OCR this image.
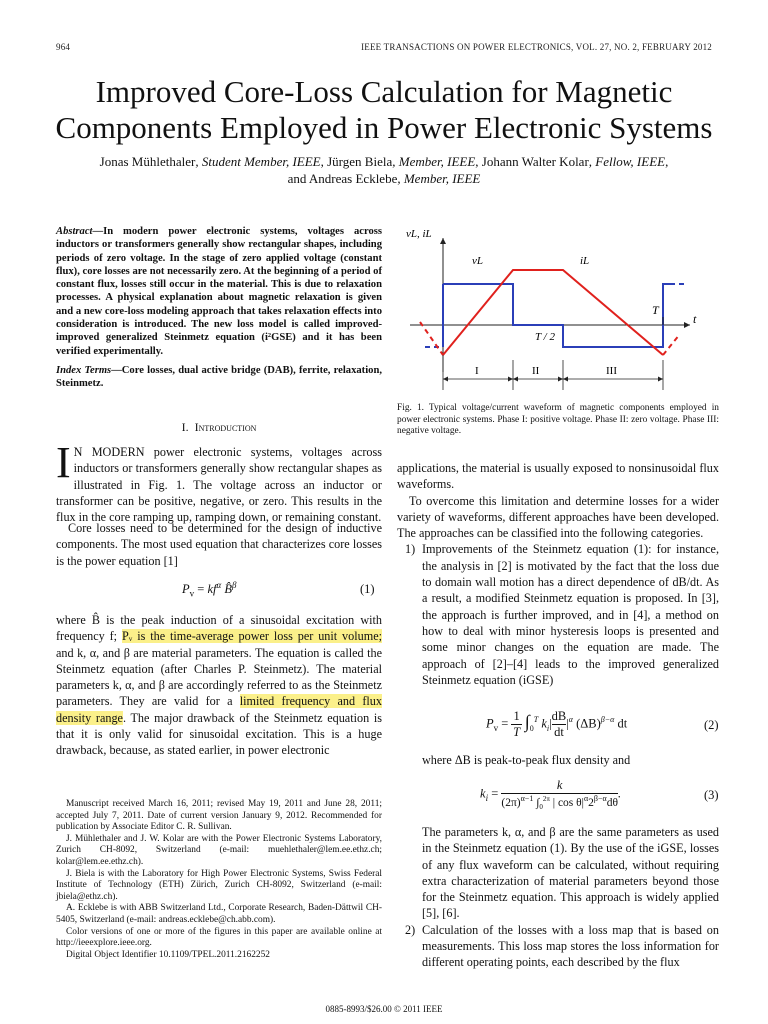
964	IEEE TRANSACTIONS ON POWER ELECTRONICS, VOL. 27, NO. 2, FEBRUARY 2012
Improved Core-Loss Calculation for Magnetic
Components Employed in Power Electronic Systems
Jonas Mühlethaler, Student Member, IEEE, Jürgen Biela, Member, IEEE, Johann Walter Kolar, Fellow, IEEE,
and Andreas Ecklebe, Member, IEEE
Abstract—In modern power electronic systems, voltages across inductors or transformers generally show rectangular shapes, including periods of zero voltage. In the stage of zero applied voltage (constant flux), core losses are not necessarily zero. At the beginning of a period of constant flux, losses still occur in the material. This is due to relaxation processes. A physical explanation about magnetic relaxation is given and a new core-loss modeling approach that takes relaxation effects into consideration is introduced. The new loss model is called improved-improved generalized Steinmetz equation (i²GSE) and it has been verified experimentally.
Index Terms—Core losses, dual active bridge (DAB), ferrite, relaxation, Steinmetz.
I. Introduction
I N MODERN power electronic systems, voltages across inductors or transformers generally show rectangular shapes as illustrated in Fig. 1. The voltage across an inductor or transformer can be positive, negative, or zero. This results in the flux in the core ramping up, ramping down, or remaining constant.
Core losses need to be determined for the design of inductive components. The most used equation that characterizes core losses is the power equation [1]
$P_v = kf^\alpha$ B̂$^\beta$	(1)
where B̂ is the peak induction of a sinusoidal excitation with frequency f; Pᵥ is the time-average power loss per unit volume; and k, α, and β are material parameters. The equation is called the Steinmetz equation (after Charles P. Steinmetz). The material parameters k, α, and β are accordingly referred to as the Steinmetz parameters. They are valid for a limited frequency and flux density range. The major drawback of the Steinmetz equation is that it is only valid for sinusoidal excitation. This is a huge drawback, because, as stated earlier, in power electronic

Manuscript received March 16, 2011; revised May 19, 2011 and June 28, 2011; accepted July 7, 2011. Date of current version January 9, 2012. Recommended for publication by Associate Editor C. R. Sullivan.

J. Mühlethaler and J. W. Kolar are with the Power Electronic Systems Laboratory, Zurich CH-8092, Switzerland (e-mail: muehlethaler@lem.ee.ethz.ch; kolar@lem.ee.ethz.ch).

J. Biela is with the Laboratory for High Power Electronic Systems, Swiss Federal Institute of Technology (ETH) Zürich, Zurich CH-8092, Switzerland (e-mail: jbiela@ethz.ch).

A. Ecklebe is with ABB Switzerland Ltd., Corporate Research, Baden-Dättwil CH-5405, Switzerland (e-mail: andreas.ecklebe@ch.abb.com).

Color versions of one or more of the figures in this paper are available online at http://ieeexplore.ieee.org.

Digital Object Identifier 10.1109/TPEL.2011.2162252

vL, iL
vL	iL
t
T
T / 2
I	II	III
Fig. 1. Typical voltage/current waveform of magnetic components employed in power electronic systems. Phase I: positive voltage. Phase II: zero voltage. Phase III: negative voltage.

applications, the material is usually exposed to nonsinusoidal flux waveforms.

To overcome this limitation and determine losses for a wider variety of waveforms, different approaches have been developed. The approaches can be classified into the following categories.

1) Improvements of the Steinmetz equation (1): for instance, the analysis in [2] is motivated by the fact that the loss due to domain wall motion has a direct dependence of dB/dt. As a result, a modified Steinmetz equation is proposed. In [3], the approach is further improved, and in [4], a method on how to deal with minor hysteresis loops is presented and some minor changes on the equation are made. The approach of [2]–[4] leads to the improved generalized Steinmetz equation (iGSE)
$P_v = \frac{1}{T} \int_0^T$ $k_i| \frac{dB}{dt} |^\alpha$ $(\Delta B)^{\beta-\alpha}$ dt	(2)
where ΔB is peak-to-peak flux density and
$k_i$ =
k
$(2\pi)^{\alpha-1}$ $\int_0^{2\pi}$ | $\cos \theta|^\alpha 2^{\beta-\alpha}d\theta$
.	(3)

The parameters k, α, and β are the same parameters as used in the Steinmetz equation (1). By the use of the iGSE, losses of any flux waveform can be calculated, without requiring extra characterization of material parameters beyond those for the Steinmetz equation. This approach is widely applied [5], [6].

2) Calculation of the losses with a loss map that is based on measurements. This loss map stores the loss information for different operating points, each described by the flux
0885-8993/$26.00 © 2011 IEEE
